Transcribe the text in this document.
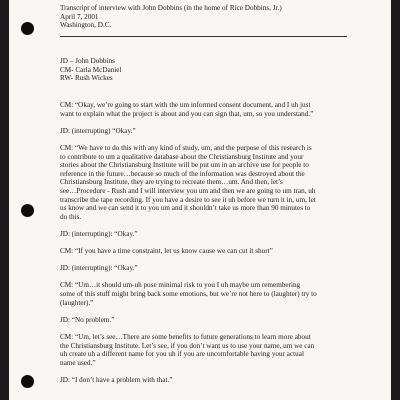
Transcript of interview with John Dobbins (in the home of Rice Dobbins, Jr.)
April 7, 2001
Washington, D.C.
JD – John Dobbins
CM- Carla McDaniel
RW- Rush Wickes
CM: “Okay, we’re going to start with the um informed consent document, and I uh just
want to explain what the project is about and you can sign that, um, so you understand.”
JD: (interrupting) “Okay.”
CM: “We have to do this with any kind of study, um, and the purpose of this research is
to contribute to um a qualitative database about the Christiansburg Institute and your
stories about the Christiansburg Institute will be put um in an archive use for people to
reference in the future…because so much of the information was destroyed about the
Christiansburg Institute, they are trying to recreate them…um. And then, let’s
see…Procedure - Rush and I will interview you um and then we are going to um tran, uh
transcribe the tape recording. If you have a desire to see it uh before we turn it in, um, let
us know and we can send it to you um and it shouldn’t take us more than 90 minutes to
do this.
JD: (interrupting): “Okay.”
CM: “If you have a time constraint, let us know cause we can cut it short”
JD: (interrupting): “Okay.”
CM: “Um…it should um-uh pose minimal risk to you I uh maybe um remembering
some of this stuff might bring back some emotions, but we’re not here to (laughter) try to
(laughter).”
JD: “No problem.”
CM: “Um, let’s see…There are some benefits to future generations to learn more about
the Christiansburg Institute. Let’s see, if you don’t want us to use your name, um we can
uh create uh a different name for you uh if you are uncomfortable having your actual
name used.”
JD: “I don’t have a problem with that.”
